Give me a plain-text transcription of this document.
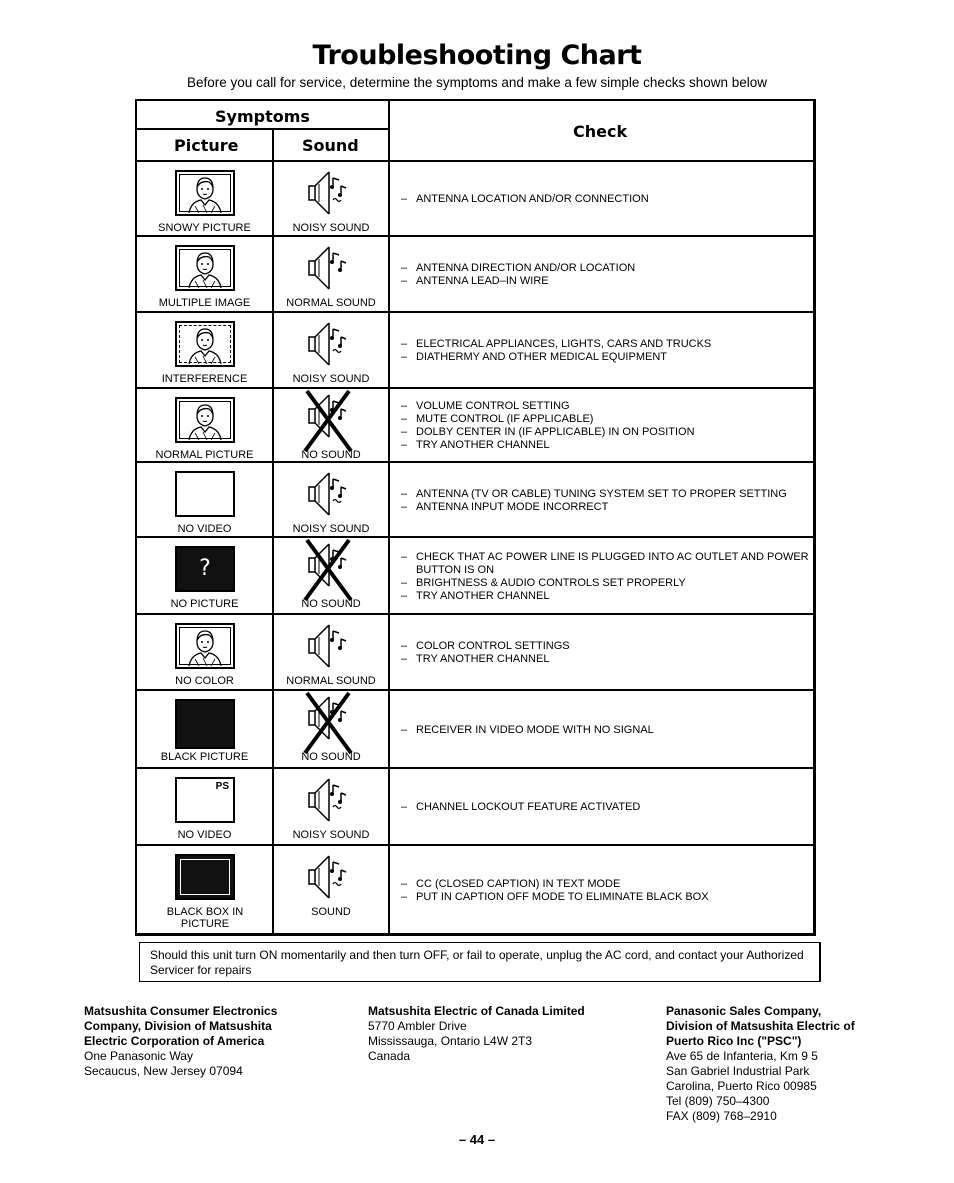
Troubleshooting Chart
Before you call for service, determine the symptoms and make a few simple checks shown below
Symptoms
Picture	Sound
Check
SNOWY PICTURE	NOISY SOUND
– ANTENNA LOCATION AND/OR CONNECTION
MULTIPLE IMAGE	NORMAL SOUND
– ANTENNA DIRECTION AND/OR LOCATION
– ANTENNA LEAD–IN WIRE
INTERFERENCE	NOISY SOUND
– ELECTRICAL APPLIANCES, LIGHTS, CARS AND TRUCKS
– DIATHERMY AND OTHER MEDICAL EQUIPMENT
NORMAL PICTURE	NO SOUND
– VOLUME CONTROL SETTING
– MUTE CONTROL (IF APPLICABLE)
– DOLBY CENTER IN (IF APPLICABLE) IN ON POSITION
– TRY ANOTHER CHANNEL
NO VIDEO	NOISY SOUND
– ANTENNA (TV OR CABLE) TUNING SYSTEM SET TO PROPER SETTING
– ANTENNA INPUT MODE INCORRECT
?
NO PICTURE	NO SOUND
– CHECK THAT AC POWER LINE IS PLUGGED INTO AC OUTLET AND POWER BUTTON IS ON
– BRIGHTNESS & AUDIO CONTROLS SET PROPERLY
– TRY ANOTHER CHANNEL
NO COLOR	NORMAL SOUND
– COLOR CONTROL SETTINGS
– TRY ANOTHER CHANNEL
BLACK PICTURE	NO SOUND
– RECEIVER IN VIDEO MODE WITH NO SIGNAL
PS
NO VIDEO	NOISY SOUND
– CHANNEL LOCKOUT FEATURE ACTIVATED
BLACK BOX IN PICTURE
SOUND
– CC (CLOSED CAPTION) IN TEXT MODE
– PUT IN CAPTION OFF MODE TO ELIMINATE BLACK BOX
Should this unit turn ON momentarily and then turn OFF, or fail to operate, unplug the AC cord, and contact your Authorized Servicer for repairs
Matsushita Consumer Electronics Company, Division of Matsushita Electric Corporation of America
One Panasonic Way
Secaucus, New Jersey 07094
Matsushita Electric of Canada Limited
5770 Ambler Drive
Mississauga, Ontario L4W 2T3
Canada
Panasonic Sales Company, Division of Matsushita Electric of Puerto Rico Inc ("PSC")
Ave 65 de Infanteria, Km 9 5
San Gabriel Industrial Park
Carolina, Puerto Rico 00985
Tel (809) 750–4300
FAX (809) 768–2910
– 44 –
